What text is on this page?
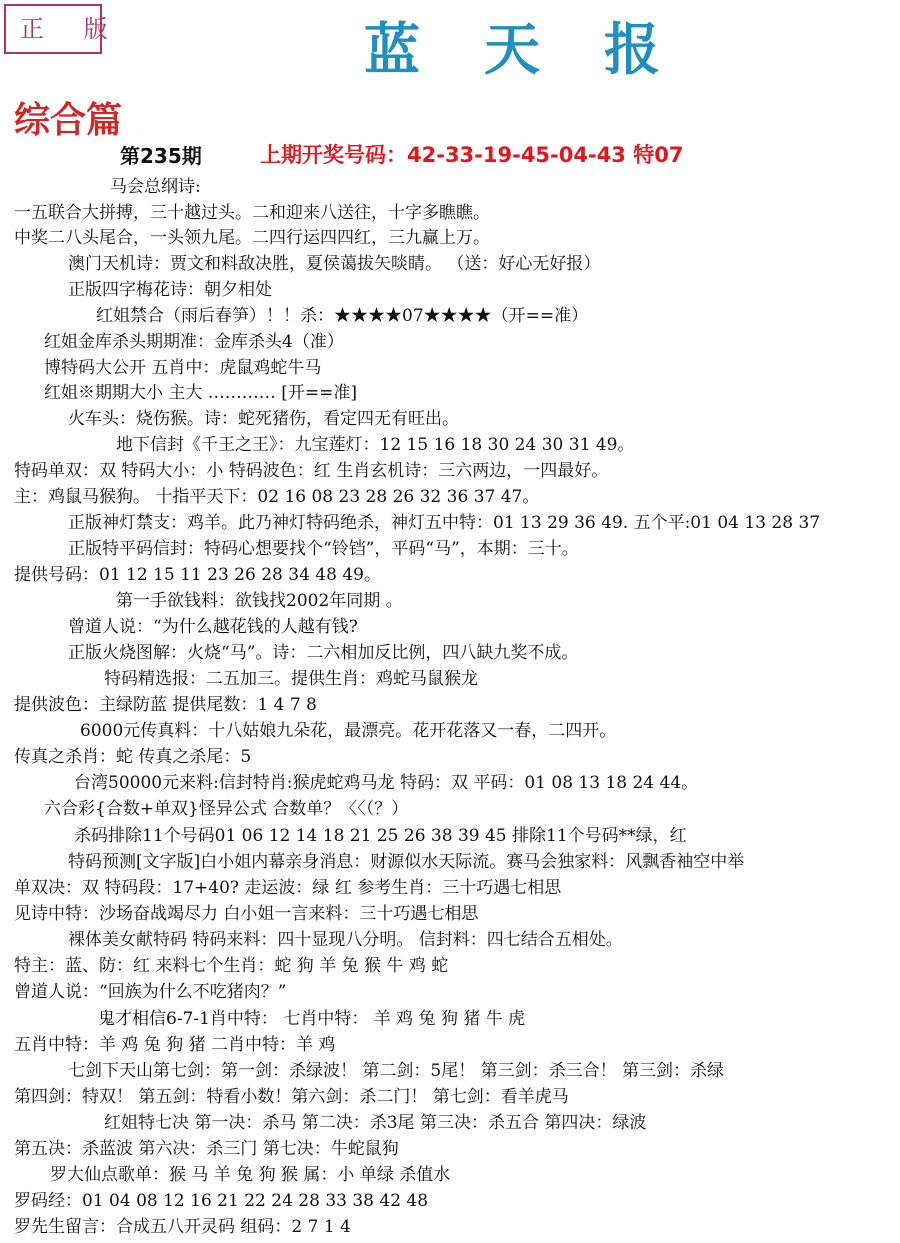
正 版	蓝天报
综合篇
第235期	上期开奖号码：42-33-19-45-04-43 特07
马会总纲诗:
一五联合大拼搏，三十越过头。二和迎来八送往，十字多瞧瞧。
中奖二八头尾合，一头领九尾。二四行运四四红，三九赢上万。
澳门天机诗：贾文和料敌决胜，夏侯蔼拔矢啖睛。 （送：好心无好报）
正版四字梅花诗：朝夕相处
红姐禁合（雨后春笋）！！杀：★★★★07★★★★（开==准）
红姐金库杀头期期准：金库杀头4（准）
博特码大公开 五肖中：虎鼠鸡蛇牛马
红姐※期期大小 主大 ………… [开==准]
火车头：烧伤猴。诗：蛇死猪伤，看定四无有旺出。
地下信封《千王之王》：九宝莲灯：12 15 16 18 30 24 30 31 49。
特码单双：双 特码大小：小 特码波色：红 生肖玄机诗：三六两边，一四最好。
主：鸡鼠马猴狗。 十指平天下：02 16 08 23 28 26 32 36 37 47。
正版神灯禁支：鸡羊。此乃神灯特码绝杀，神灯五中特：01 13 29 36 49. 五个平:01 04 13 28 37
正版特平码信封：特码心想要找个“铃铛”，平码“马”，本期：三十。
提供号码：01 12 15 11 23 26 28 34 48 49。
第一手欲钱料：欲钱找2002年同期 。
曾道人说：“为什么越花钱的人越有钱?
正版火烧图解：火烧“马”。诗：二六相加反比例，四八缺九奖不成。
特码精选报：二五加三。提供生肖：鸡蛇马鼠猴龙
提供波色：主绿防蓝 提供尾数：1 4 7 8
6000元传真料：十八姑娘九朵花，最漂亮。花开花落又一春，二四开。
传真之杀肖：蛇 传真之杀尾：5
台湾50000元来料:信封特肖:猴虎蛇鸡马龙 特码：双 平码：01 08 13 18 24 44。
六合彩{合数+单双}怪异公式 合数单？〈〈（？）
杀码排除11个号码01 06 12 14 18 21 25 26 38 39 45 排除11个号码**绿，红
特码预测[文字版]白小姐内幕亲身消息：财源似水天际流。赛马会独家料：风飘香袖空中举
单双决：双 特码段：17+40? 走运波：绿 红 参考生肖：三十巧遇七相思
见诗中特：沙场奋战竭尽力 白小姐一言来料：三十巧遇七相思
裸体美女献特码 特码来料：四十显现八分明。 信封料：四七结合五相处。
特主：蓝、防：红 来料七个生肖：蛇 狗 羊 兔 猴 牛 鸡 蛇
曾道人说：“回族为什么不吃猪肉？”
鬼才相信6-7-1肖中特： 七肖中特： 羊 鸡 兔 狗 猪 牛 虎
五肖中特：羊 鸡 兔 狗 猪 二肖中特：羊 鸡
七剑下天山第七剑：第一剑：杀绿波！ 第二剑：5尾！ 第三剑：杀三合！ 第三剑：杀绿
第四剑：特双！ 第五剑：特看小数！第六剑：杀二门！ 第七剑：看羊虎马
红姐特七决 第一决：杀马 第二决：杀3尾 第三决：杀五合 第四决：绿波
第五决：杀蓝波 第六决：杀三门 第七决：牛蛇鼠狗
罗大仙点歌单：猴 马 羊 兔 狗 猴 属：小 单绿 杀值水
罗码经：01 04 08 12 16 21 22 24 28 33 38 42 48
罗先生留言：合成五八开灵码 组码：2 7 1 4
